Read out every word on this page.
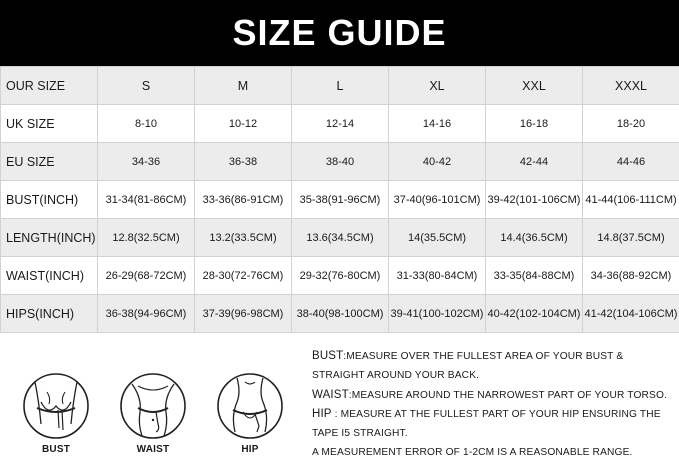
SIZE GUIDE
OUR SIZE	S	M	L	XL	XXL	XXXL
UK SIZE	8-10	10-12	12-14	14-16	16-18	18-20
EU SIZE	34-36	36-38	38-40	40-42	42-44	44-46
BUST(INCH)	31-34(81-86CM)	33-36(86-91CM)	35-38(91-96CM)	37-40(96-101CM)	39-42(101-106CM)	41-44(106-111CM)
LENGTH(INCH)	12.8(32.5CM)	13.2(33.5CM)	13.6(34.5CM)	14(35.5CM)	14.4(36.5CM)	14.8(37.5CM)
WAIST(INCH)	26-29(68-72CM)	28-30(72-76CM)	29-32(76-80CM)	31-33(80-84CM)	33-35(84-88CM)	34-36(88-92CM)
HIPS(INCH)	36-38(94-96CM)	37-39(96-98CM)	38-40(98-100CM)	39-41(100-102CM)	40-42(102-104CM)	41-42(104-106CM)
BUST	WAIST	HIP
BUST:MEASURE OVER THE FULLEST AREA OF YOUR BUST & STRAIGHT AROUND YOUR BACK.
WAIST:MEASURE AROUND THE NARROWEST PART OF YOUR TORSO.
HIP : MEASURE AT THE FULLEST PART OF YOUR HIP ENSURING THE TAPE I5 STRAIGHT.
A MEASUREMENT ERROR OF 1-2CM IS A REASONABLE RANGE.
